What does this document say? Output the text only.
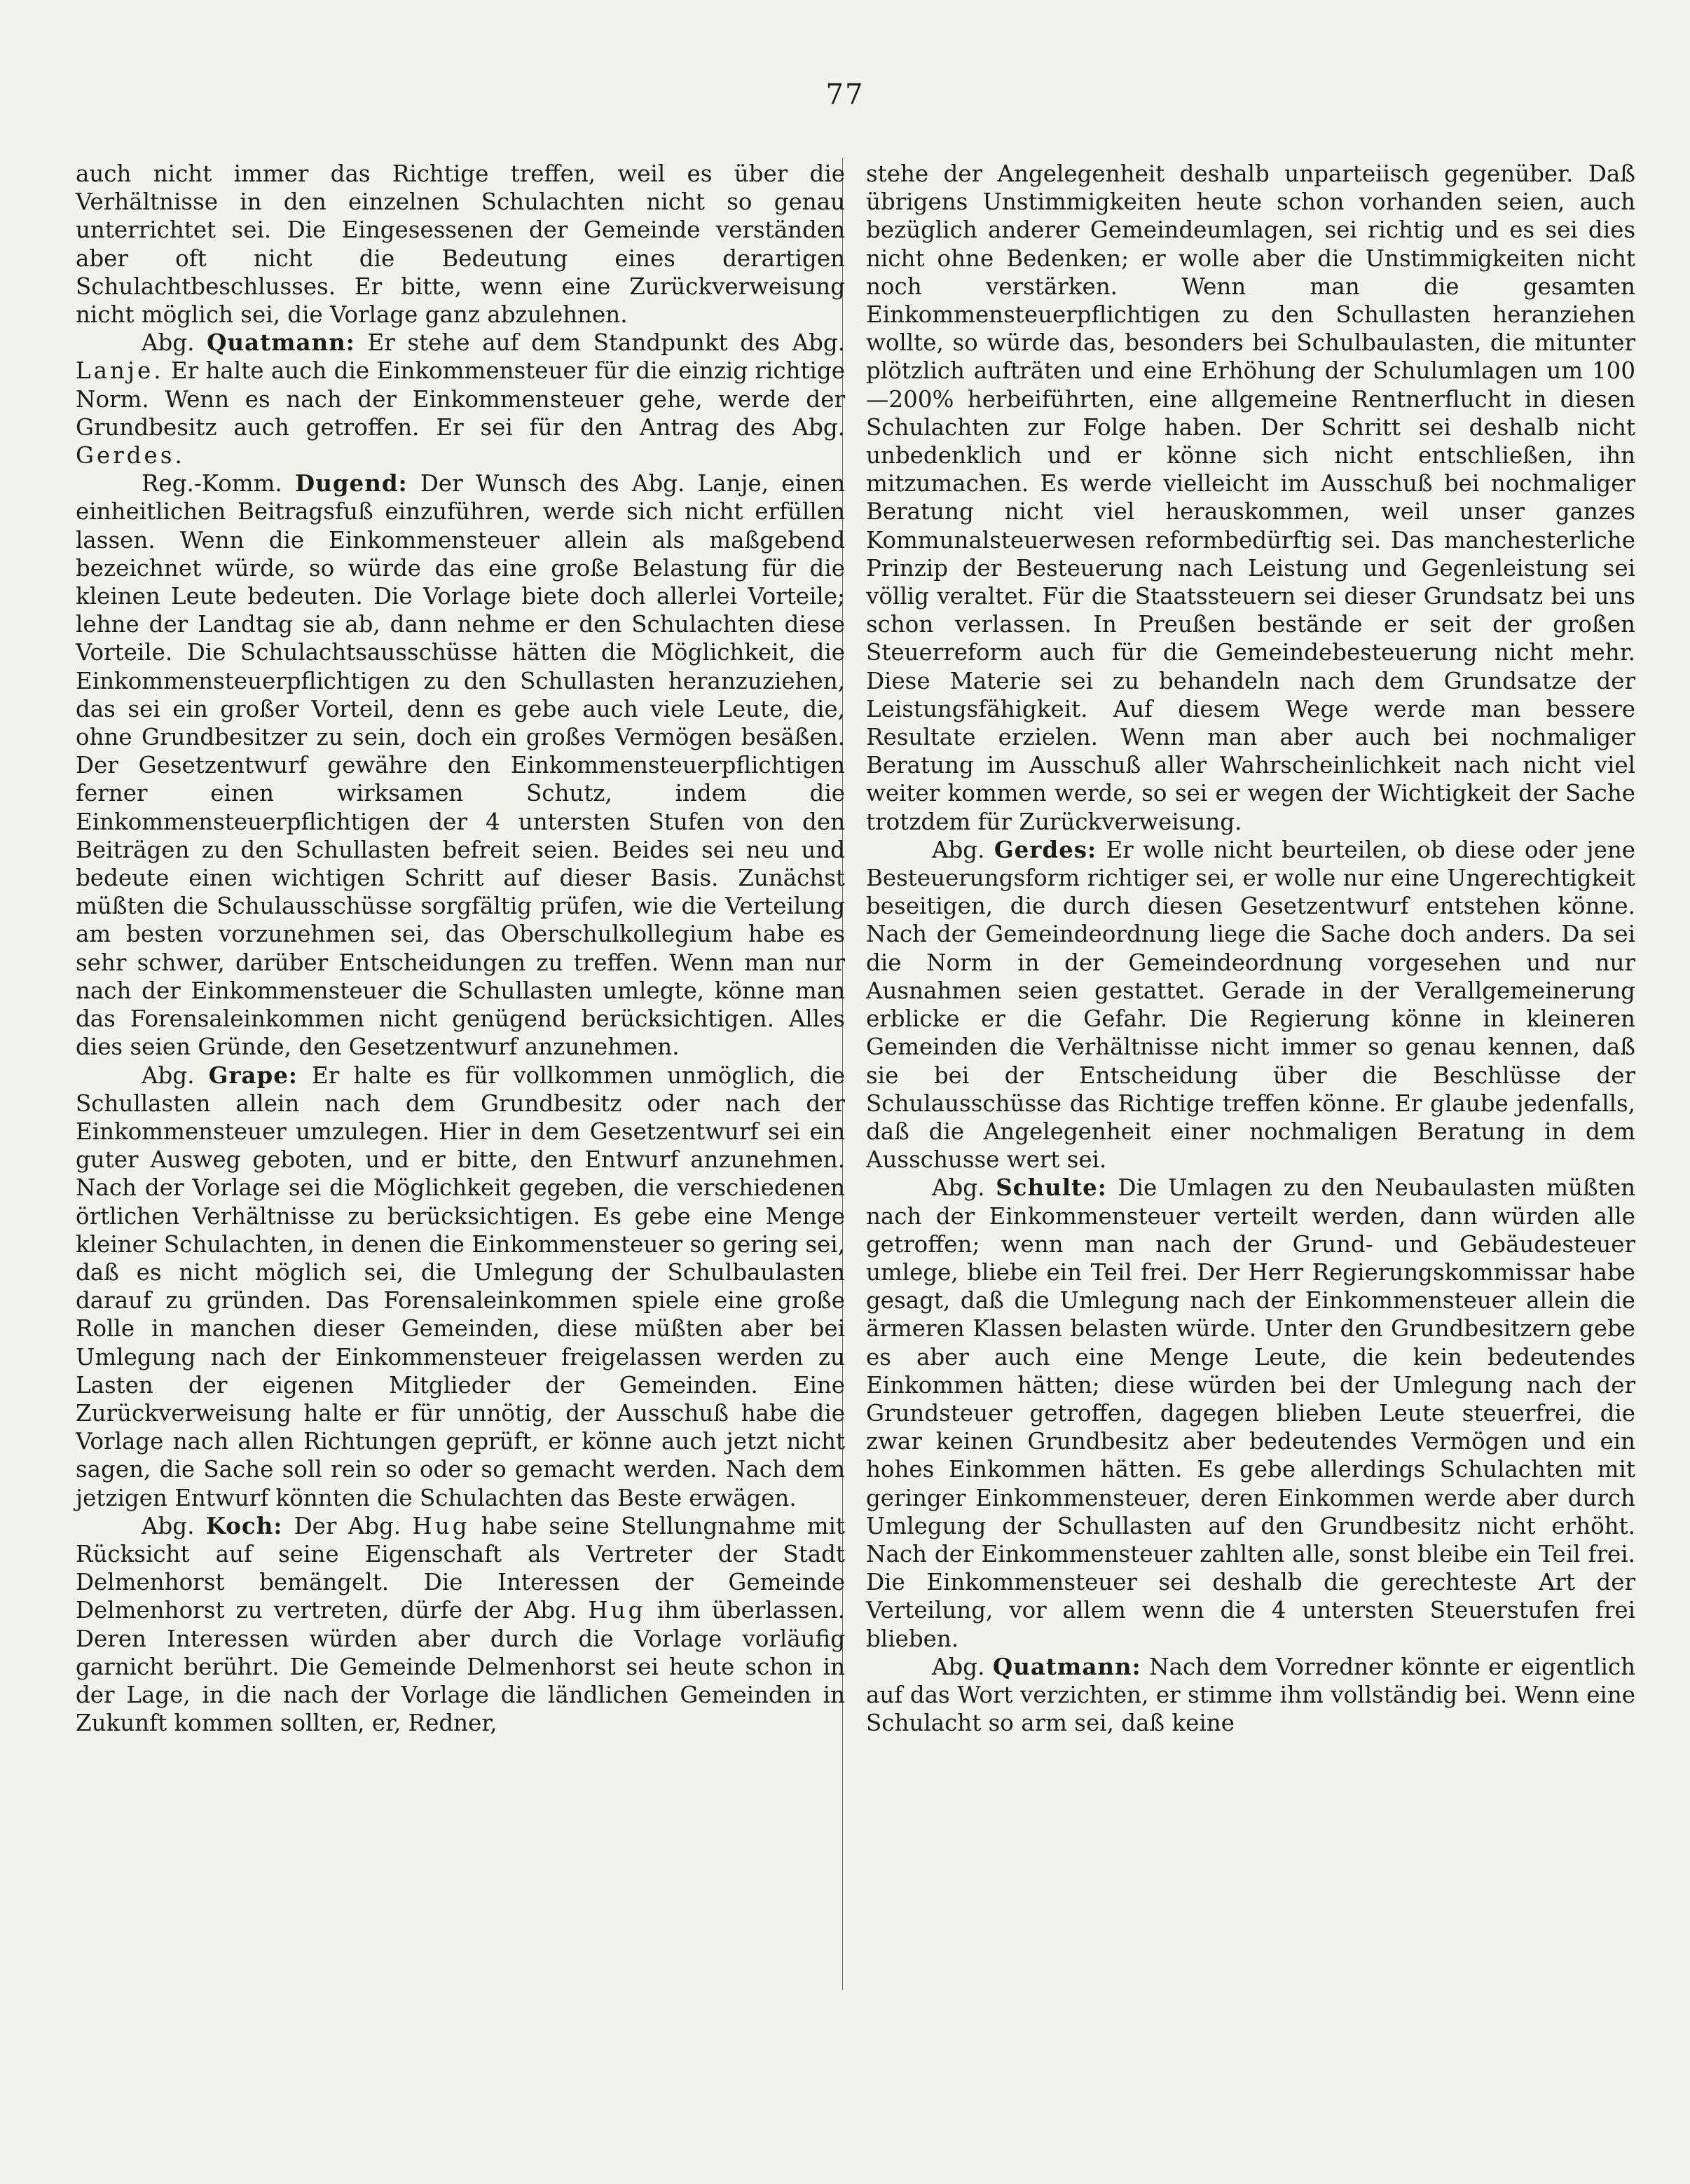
77

auch nicht immer das Richtige treffen, weil es über die Verhältnisse in den einzelnen Schulachten nicht so genau unterrichtet sei. Die Eingesessenen der Gemeinde verständen aber oft nicht die Bedeutung eines derartigen Schulachtbeschlusses. Er bitte, wenn eine Zurückverweisung nicht möglich sei, die Vorlage ganz abzulehnen.

Abg. Quatmann: Er stehe auf dem Standpunkt des Abg. Lanje. Er halte auch die Einkommensteuer für die einzig richtige Norm. Wenn es nach der Einkommensteuer gehe, werde der Grundbesitz auch getroffen. Er sei für den Antrag des Abg. Gerdes.

Reg.-Komm. Dugend: Der Wunsch des Abg. Lanje, einen einheitlichen Beitragsfuß einzuführen, werde sich nicht erfüllen lassen. Wenn die Einkommensteuer allein als maßgebend bezeichnet würde, so würde das eine große Belastung für die kleinen Leute bedeuten. Die Vorlage biete doch allerlei Vorteile; lehne der Landtag sie ab, dann nehme er den Schulachten diese Vorteile. Die Schulachtsausschüsse hätten die Möglichkeit, die Einkommensteuerpflichtigen zu den Schullasten heranzuziehen, das sei ein großer Vorteil, denn es gebe auch viele Leute, die, ohne Grundbesitzer zu sein, doch ein großes Vermögen besäßen. Der Gesetzentwurf gewähre den Einkommensteuerpflichtigen ferner einen wirksamen Schutz, indem die Einkommensteuerpflichtigen der 4 untersten Stufen von den Beiträgen zu den Schullasten befreit seien. Beides sei neu und bedeute einen wichtigen Schritt auf dieser Basis. Zunächst müßten die Schulausschüsse sorgfältig prüfen, wie die Verteilung am besten vorzunehmen sei, das Oberschulkollegium habe es sehr schwer, darüber Entscheidungen zu treffen. Wenn man nur nach der Einkommensteuer die Schullasten umlegte, könne man das Forensaleinkommen nicht genügend berücksichtigen. Alles dies seien Gründe, den Gesetzentwurf anzunehmen.

Abg. Grape: Er halte es für vollkommen unmöglich, die Schullasten allein nach dem Grundbesitz oder nach der Einkommensteuer umzulegen. Hier in dem Gesetzentwurf sei ein guter Ausweg geboten, und er bitte, den Entwurf anzunehmen. Nach der Vorlage sei die Möglichkeit gegeben, die verschiedenen örtlichen Verhältnisse zu berücksichtigen. Es gebe eine Menge kleiner Schulachten, in denen die Einkommensteuer so gering sei, daß es nicht möglich sei, die Umlegung der Schulbaulasten darauf zu gründen. Das Forensaleinkommen spiele eine große Rolle in manchen dieser Gemeinden, diese müßten aber bei Umlegung nach der Einkommensteuer freigelassen werden zu Lasten der eigenen Mitglieder der Gemeinden. Eine Zurückverweisung halte er für unnötig, der Ausschuß habe die Vorlage nach allen Richtungen geprüft, er könne auch jetzt nicht sagen, die Sache soll rein so oder so gemacht werden. Nach dem jetzigen Entwurf könnten die Schulachten das Beste erwägen.

Abg. Koch: Der Abg. Hug habe seine Stellungnahme mit Rücksicht auf seine Eigenschaft als Vertreter der Stadt Delmenhorst bemängelt. Die Interessen der Gemeinde Delmenhorst zu vertreten, dürfe der Abg. Hug ihm überlassen. Deren Interessen würden aber durch die Vorlage vorläufig garnicht berührt. Die Gemeinde Delmenhorst sei heute schon in der Lage, in die nach der Vorlage die ländlichen Gemeinden in Zukunft kommen sollten, er, Redner,

stehe der Angelegenheit deshalb unparteiisch gegenüber. Daß übrigens Unstimmigkeiten heute schon vorhanden seien, auch bezüglich anderer Gemeindeumlagen, sei richtig und es sei dies nicht ohne Bedenken; er wolle aber die Unstimmigkeiten nicht noch verstärken. Wenn man die gesamten Einkommensteuerpflichtigen zu den Schullasten heranziehen wollte, so würde das, besonders bei Schulbaulasten, die mitunter plötzlich aufträten und eine Erhöhung der Schulumlagen um 100—200% herbeiführten, eine allgemeine Rentnerflucht in diesen Schulachten zur Folge haben. Der Schritt sei deshalb nicht unbedenklich und er könne sich nicht entschließen, ihn mitzumachen. Es werde vielleicht im Ausschuß bei nochmaliger Beratung nicht viel herauskommen, weil unser ganzes Kommunalsteuerwesen reformbedürftig sei. Das manchesterliche Prinzip der Besteuerung nach Leistung und Gegenleistung sei völlig veraltet. Für die Staatssteuern sei dieser Grundsatz bei uns schon verlassen. In Preußen bestände er seit der großen Steuerreform auch für die Gemeindebesteuerung nicht mehr. Diese Materie sei zu behandeln nach dem Grundsatze der Leistungsfähigkeit. Auf diesem Wege werde man bessere Resultate erzielen. Wenn man aber auch bei nochmaliger Beratung im Ausschuß aller Wahrscheinlichkeit nach nicht viel weiter kommen werde, so sei er wegen der Wichtigkeit der Sache trotzdem für Zurückverweisung.

Abg. Gerdes: Er wolle nicht beurteilen, ob diese oder jene Besteuerungsform richtiger sei, er wolle nur eine Ungerechtigkeit beseitigen, die durch diesen Gesetzentwurf entstehen könne. Nach der Gemeindeordnung liege die Sache doch anders. Da sei die Norm in der Gemeindeordnung vorgesehen und nur Ausnahmen seien gestattet. Gerade in der Verallgemeinerung erblicke er die Gefahr. Die Regierung könne in kleineren Gemeinden die Verhältnisse nicht immer so genau kennen, daß sie bei der Entscheidung über die Beschlüsse der Schulausschüsse das Richtige treffen könne. Er glaube jedenfalls, daß die Angelegenheit einer nochmaligen Beratung in dem Ausschusse wert sei.

Abg. Schulte: Die Umlagen zu den Neubaulasten müßten nach der Einkommensteuer verteilt werden, dann würden alle getroffen; wenn man nach der Grund- und Gebäudesteuer umlege, bliebe ein Teil frei. Der Herr Regierungskommissar habe gesagt, daß die Umlegung nach der Einkommensteuer allein die ärmeren Klassen belasten würde. Unter den Grundbesitzern gebe es aber auch eine Menge Leute, die kein bedeutendes Einkommen hätten; diese würden bei der Umlegung nach der Grundsteuer getroffen, dagegen blieben Leute steuerfrei, die zwar keinen Grundbesitz aber bedeutendes Vermögen und ein hohes Einkommen hätten. Es gebe allerdings Schulachten mit geringer Einkommensteuer, deren Einkommen werde aber durch Umlegung der Schullasten auf den Grundbesitz nicht erhöht. Nach der Einkommensteuer zahlten alle, sonst bleibe ein Teil frei. Die Einkommensteuer sei deshalb die gerechteste Art der Verteilung, vor allem wenn die 4 untersten Steuerstufen frei blieben.

Abg. Quatmann: Nach dem Vorredner könnte er eigentlich auf das Wort verzichten, er stimme ihm vollständig bei. Wenn eine Schulacht so arm sei, daß keine
